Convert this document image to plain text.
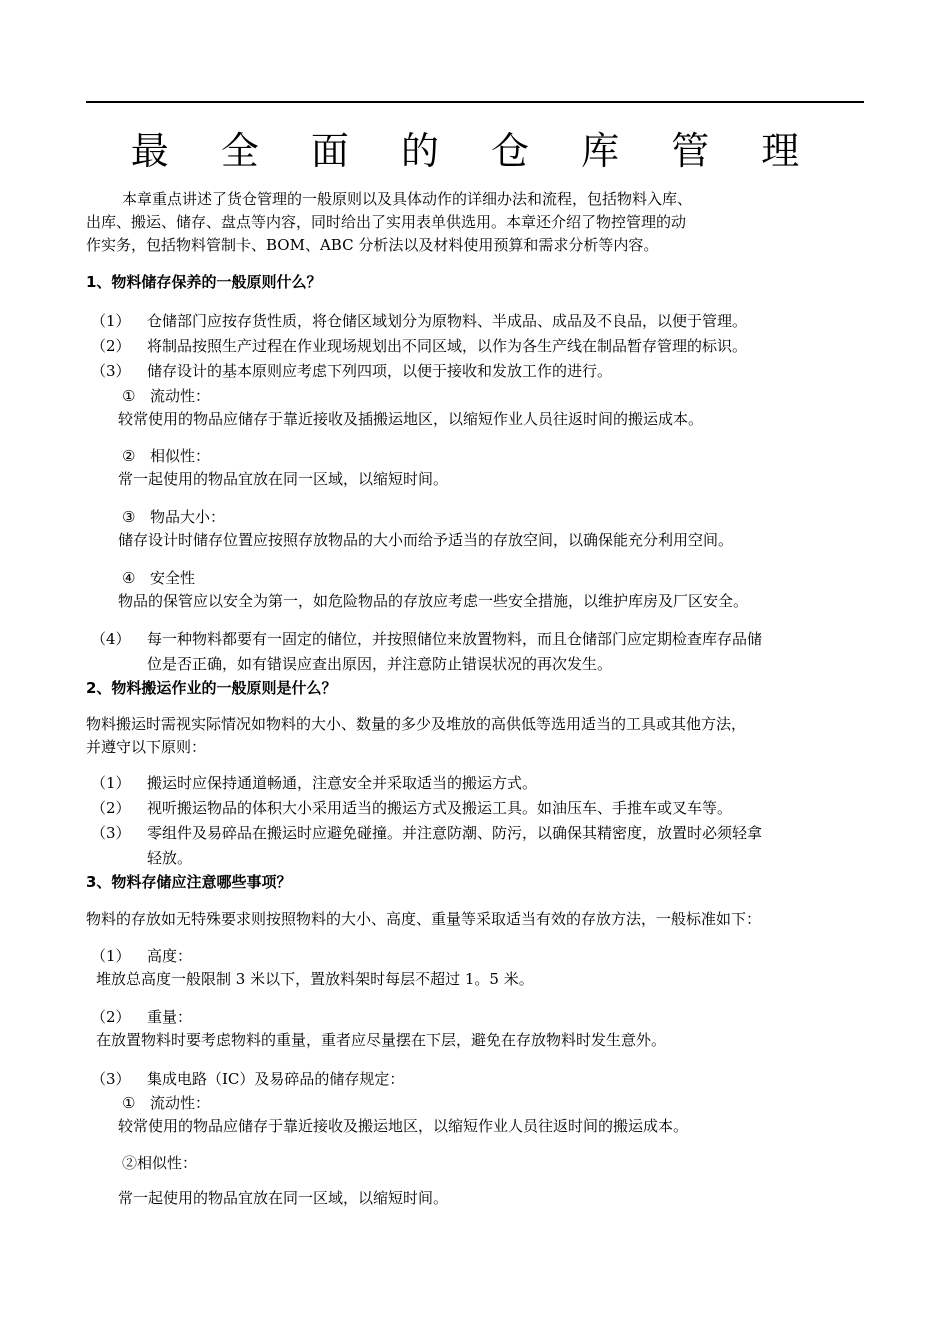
最 全 面 的 仓 库 管 理
本章重点讲述了货仓管理的一般原则以及具体动作的详细办法和流程，包括物料入库、
出库、搬运、储存、盘点等内容，同时给出了实用表单供选用。本章还介绍了物控管理的动
作实务，包括物料管制卡、BOM、ABC 分析法以及材料使用预算和需求分析等内容。
1、物料储存保养的一般原则什么？
（1） 仓储部门应按存货性质，将仓储区域划分为原物料、半成品、成品及不良品，以便于管理。
（2） 将制品按照生产过程在作业现场规划出不同区域，以作为各生产线在制品暂存管理的标识。
（3） 储存设计的基本原则应考虑下列四项，以便于接收和发放工作的进行。
① 流动性：
较常使用的物品应储存于靠近接收及插搬运地区，以缩短作业人员往返时间的搬运成本。
② 相似性：
常一起使用的物品宜放在同一区域，以缩短时间。
③ 物品大小：
储存设计时储存位置应按照存放物品的大小而给予适当的存放空间，以确保能充分利用空间。
④ 安全性
物品的保管应以安全为第一，如危险物品的存放应考虑一些安全措施，以维护库房及厂区安全。
（4） 每一种物料都要有一固定的储位，并按照储位来放置物料，而且仓储部门应定期检查库存品储
位是否正确，如有错误应查出原因，并注意防止错误状况的再次发生。
2、物料搬运作业的一般原则是什么？
物料搬运时需视实际情况如物料的大小、数量的多少及堆放的高供低等选用适当的工具或其他方法，
并遵守以下原则：
（1） 搬运时应保持通道畅通，注意安全并采取适当的搬运方式。
（2） 视听搬运物品的体积大小采用适当的搬运方式及搬运工具。如油压车、手推车或叉车等。
（3） 零组件及易碎品在搬运时应避免碰撞。并注意防潮、防污，以确保其精密度，放置时必须轻拿
轻放。
3、物料存储应注意哪些事项？
物料的存放如无特殊要求则按照物料的大小、高度、重量等采取适当有效的存放方法，一般标准如下：
（1） 高度：
堆放总高度一般限制 3 米以下，置放料架时每层不超过 1。5 米。
（2） 重量：
在放置物料时要考虑物料的重量，重者应尽量摆在下层，避免在存放物料时发生意外。
（3） 集成电路（IC）及易碎品的储存规定：
① 流动性：
较常使用的物品应储存于靠近接收及搬运地区，以缩短作业人员往返时间的搬运成本。
②相似性：
常一起使用的物品宜放在同一区域，以缩短时间。
